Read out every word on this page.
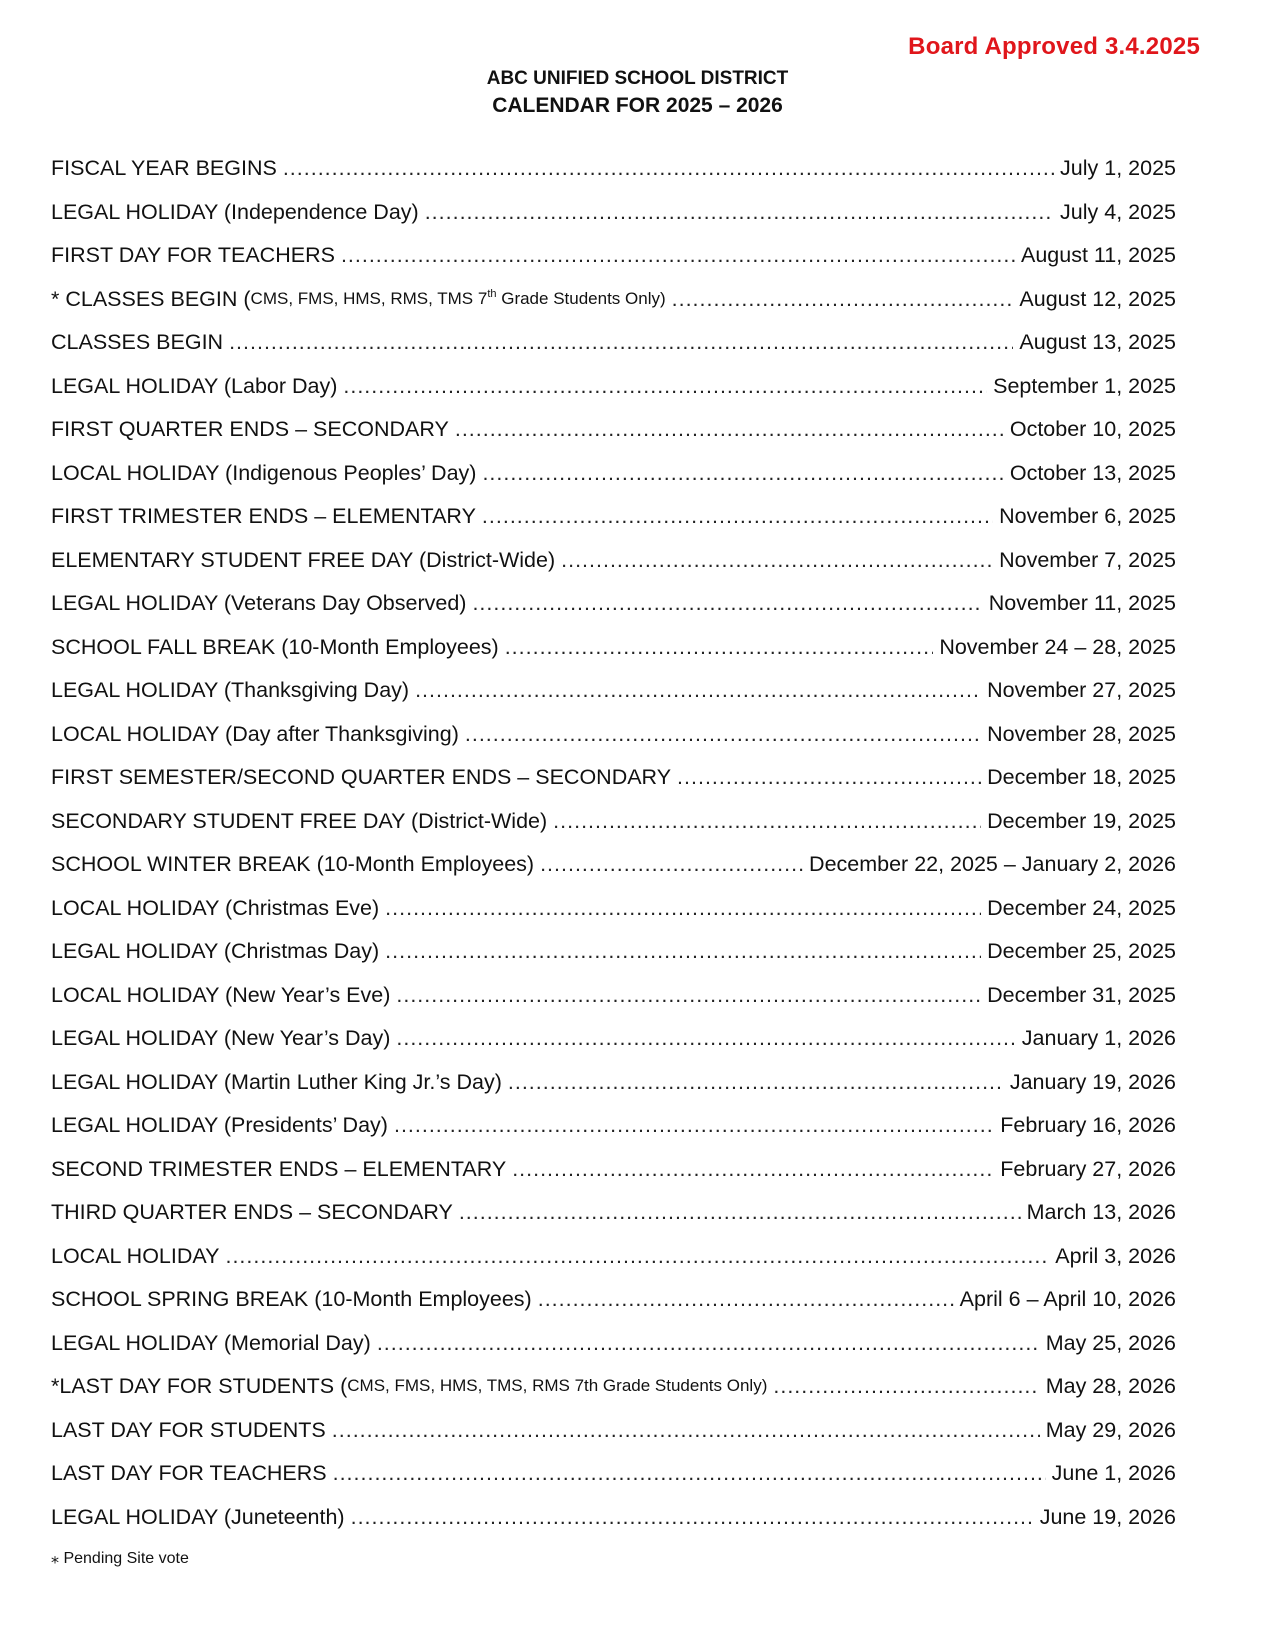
Board Approved 3.4.2025
ABC UNIFIED SCHOOL DISTRICT
CALENDAR FOR 2025 – 2026
FISCAL YEAR BEGINS .....	July 1, 2025
LEGAL HOLIDAY (Independence Day) .....	July 4, 2025
FIRST DAY FOR TEACHERS .....	August 11, 2025
* CLASSES BEGIN (CMS, FMS, HMS, RMS, TMS 7th Grade Students Only) .....	August 12, 2025
CLASSES BEGIN .....	August 13, 2025
LEGAL HOLIDAY (Labor Day) .....	September 1, 2025
FIRST QUARTER ENDS – SECONDARY .....	October 10, 2025
LOCAL HOLIDAY (Indigenous Peoples’ Day) .....	October 13, 2025
FIRST TRIMESTER ENDS – ELEMENTARY .....	November 6, 2025
ELEMENTARY STUDENT FREE DAY (District-Wide) .....	November 7, 2025
LEGAL HOLIDAY (Veterans Day Observed) .....	November 11, 2025
SCHOOL FALL BREAK (10-Month Employees) .....	November 24 – 28, 2025
LEGAL HOLIDAY (Thanksgiving Day) .....	November 27, 2025
LOCAL HOLIDAY (Day after Thanksgiving) .....	November 28, 2025
FIRST SEMESTER/SECOND QUARTER ENDS – SECONDARY .....	December 18, 2025
SECONDARY STUDENT FREE DAY (District-Wide) .....	December 19, 2025
SCHOOL WINTER BREAK (10-Month Employees) .....	December 22, 2025 – January 2, 2026
LOCAL HOLIDAY (Christmas Eve) .....	December 24, 2025
LEGAL HOLIDAY (Christmas Day) .....	December 25, 2025
LOCAL HOLIDAY (New Year’s Eve) .....	December 31, 2025
LEGAL HOLIDAY (New Year’s Day) .....	January 1, 2026
LEGAL HOLIDAY (Martin Luther King Jr.’s Day) .....	January 19, 2026
LEGAL HOLIDAY (Presidents’ Day) .....	February 16, 2026
SECOND TRIMESTER ENDS – ELEMENTARY .....	February 27, 2026
THIRD QUARTER ENDS – SECONDARY .....	March 13, 2026
LOCAL HOLIDAY .....	April 3, 2026
SCHOOL SPRING BREAK (10-Month Employees) .....	April 6 – April 10, 2026
LEGAL HOLIDAY (Memorial Day) .....	May 25, 2026
*LAST DAY FOR STUDENTS (CMS, FMS, HMS, TMS, RMS 7th Grade Students Only) .....	May 28, 2026
LAST DAY FOR STUDENTS .....	May 29, 2026
LAST DAY FOR TEACHERS .....	June 1, 2026
LEGAL HOLIDAY (Juneteenth) .....	June 19, 2026
⁎ Pending Site vote
